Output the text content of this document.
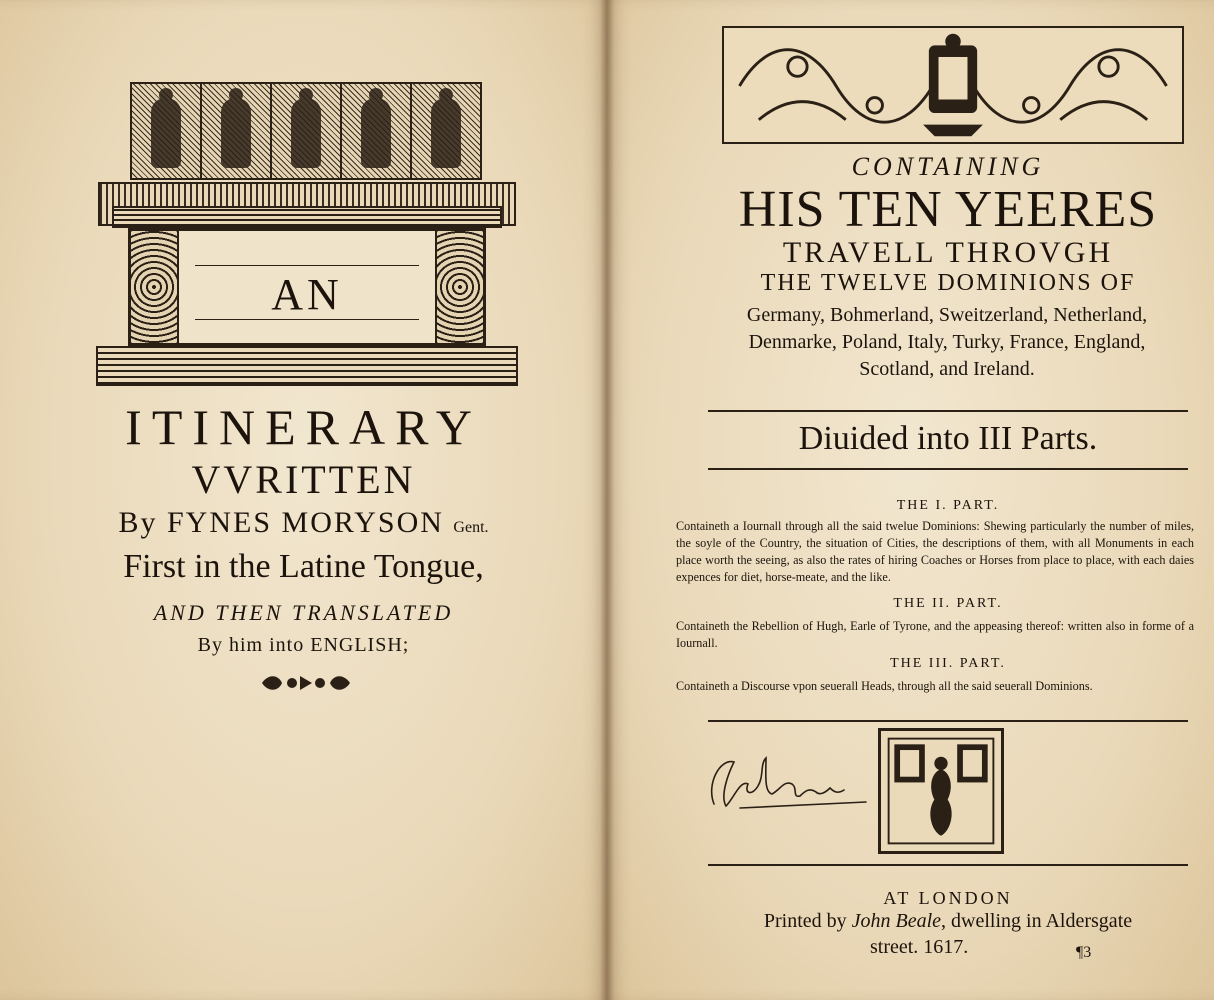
AN
ITINERARY
VVRITTEN
By FYNES MORYSON Gent.
First in the Latine Tongue,
AND THEN TRANSLATED
By him into ENGLISH;
CONTAINING
HIS TEN YEERES
TRAVELL THROVGH
THE TWELVE DOMINIONS OF
Germany, Bohmerland, Sweitzerland, Netherland, Denmarke, Poland, Italy, Turky, France, England, Scotland, and Ireland.
Diuided into III Parts.
THE I. PART.
Containeth a Iournall through all the said twelue Dominions: Shewing particularly the number of miles, the soyle of the Country, the situation of Cities, the descriptions of them, with all Monuments in each place worth the seeing, as also the rates of hiring Coaches or Horses from place to place, with each daies expences for diet, horse-meate, and the like.
THE II. PART.
Containeth the Rebellion of Hugh, Earle of Tyrone, and the appeasing thereof: written also in forme of a Iournall.
THE III. PART.
Containeth a Discourse vpon seuerall Heads, through all the said seuerall Dominions.
AT LONDON
Printed by John Beale, dwelling in Aldersgate
street. 1617.	¶3
